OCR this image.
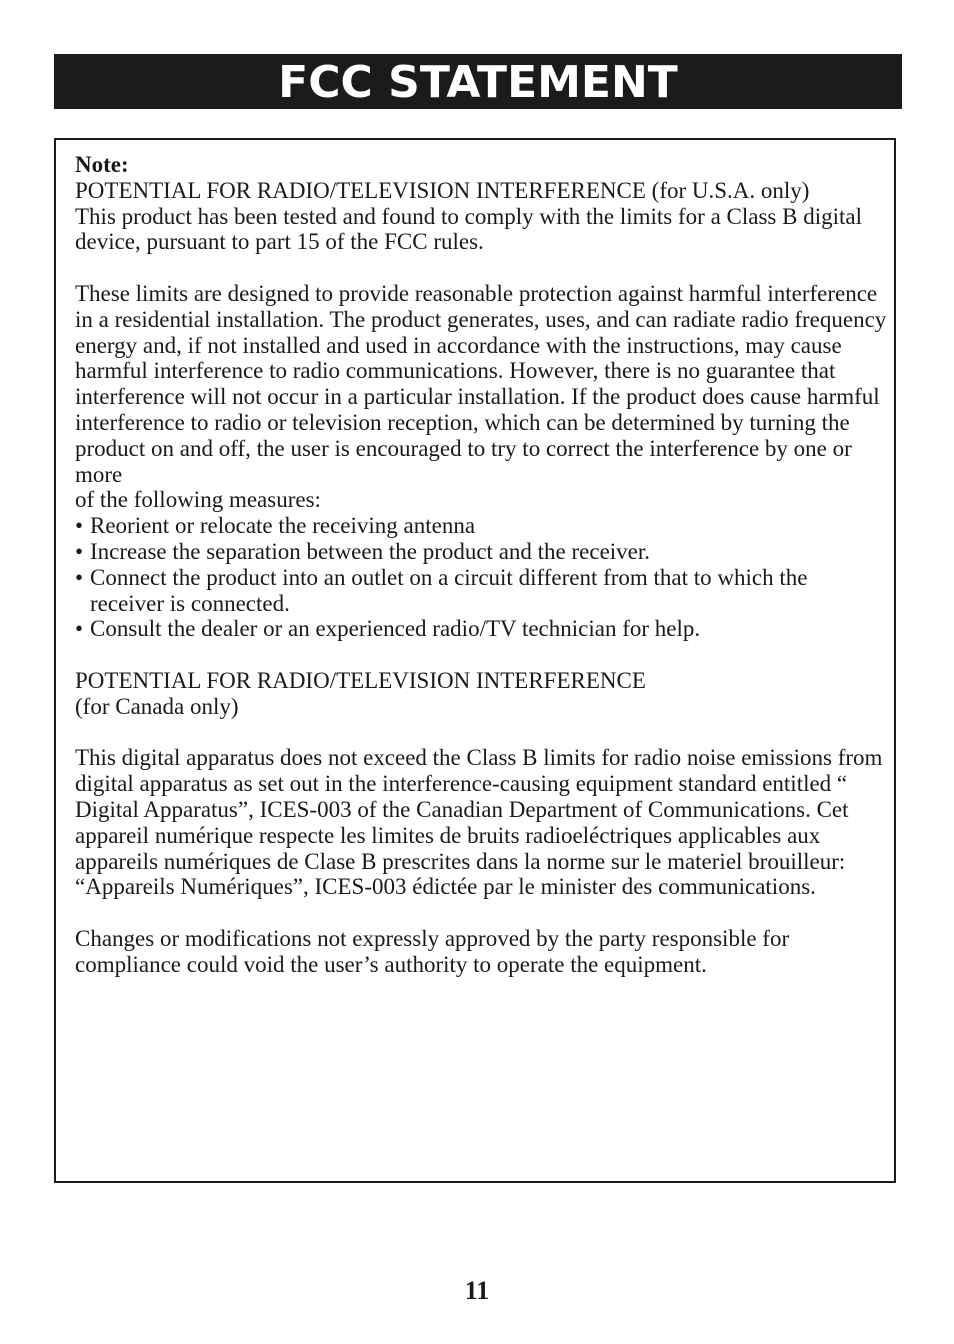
FCC STATEMENT

Note:

POTENTIAL FOR RADIO/TELEVISION INTERFERENCE (for U.S.A. only)

This product has been tested and found to comply with the limits for a Class B digital device, pursuant to part 15 of the FCC rules.

These limits are designed to provide reasonable protection against harmful interference in a residential installation. The product generates, uses, and can radiate radio frequency energy and, if not installed and used in accordance with the instructions, may cause harmful interference to radio communications. However, there is no guarantee that interference will not occur in a particular installation. If the product does cause harmful interference to radio or television reception, which can be determined by turning the product on and off, the user is encouraged to try to correct the interference by one or more

of the following measures:

• Reorient or relocate the receiving antenna
• Increase the separation between the product and the receiver.
• Connect the product into an outlet on a circuit different from that to which the receiver is connected.
• Consult the dealer or an experienced radio/TV technician for help.

POTENTIAL FOR RADIO/TELEVISION INTERFERENCE

(for Canada only)

This digital apparatus does not exceed the Class B limits for radio noise emissions from digital apparatus as set out in the interference-causing equipment standard entitled “ Digital Apparatus”, ICES-003 of the Canadian Department of Communications. Cet appareil numérique respecte les limites de bruits radioeléctriques applicables aux appareils numériques de Clase B prescrites dans la norme sur le materiel brouilleur: “Appareils Numériques”, ICES-003 édictée par le minister des communications.

Changes or modifications not expressly approved by the party responsible for compliance could void the user’s authority to operate the equipment.

11
